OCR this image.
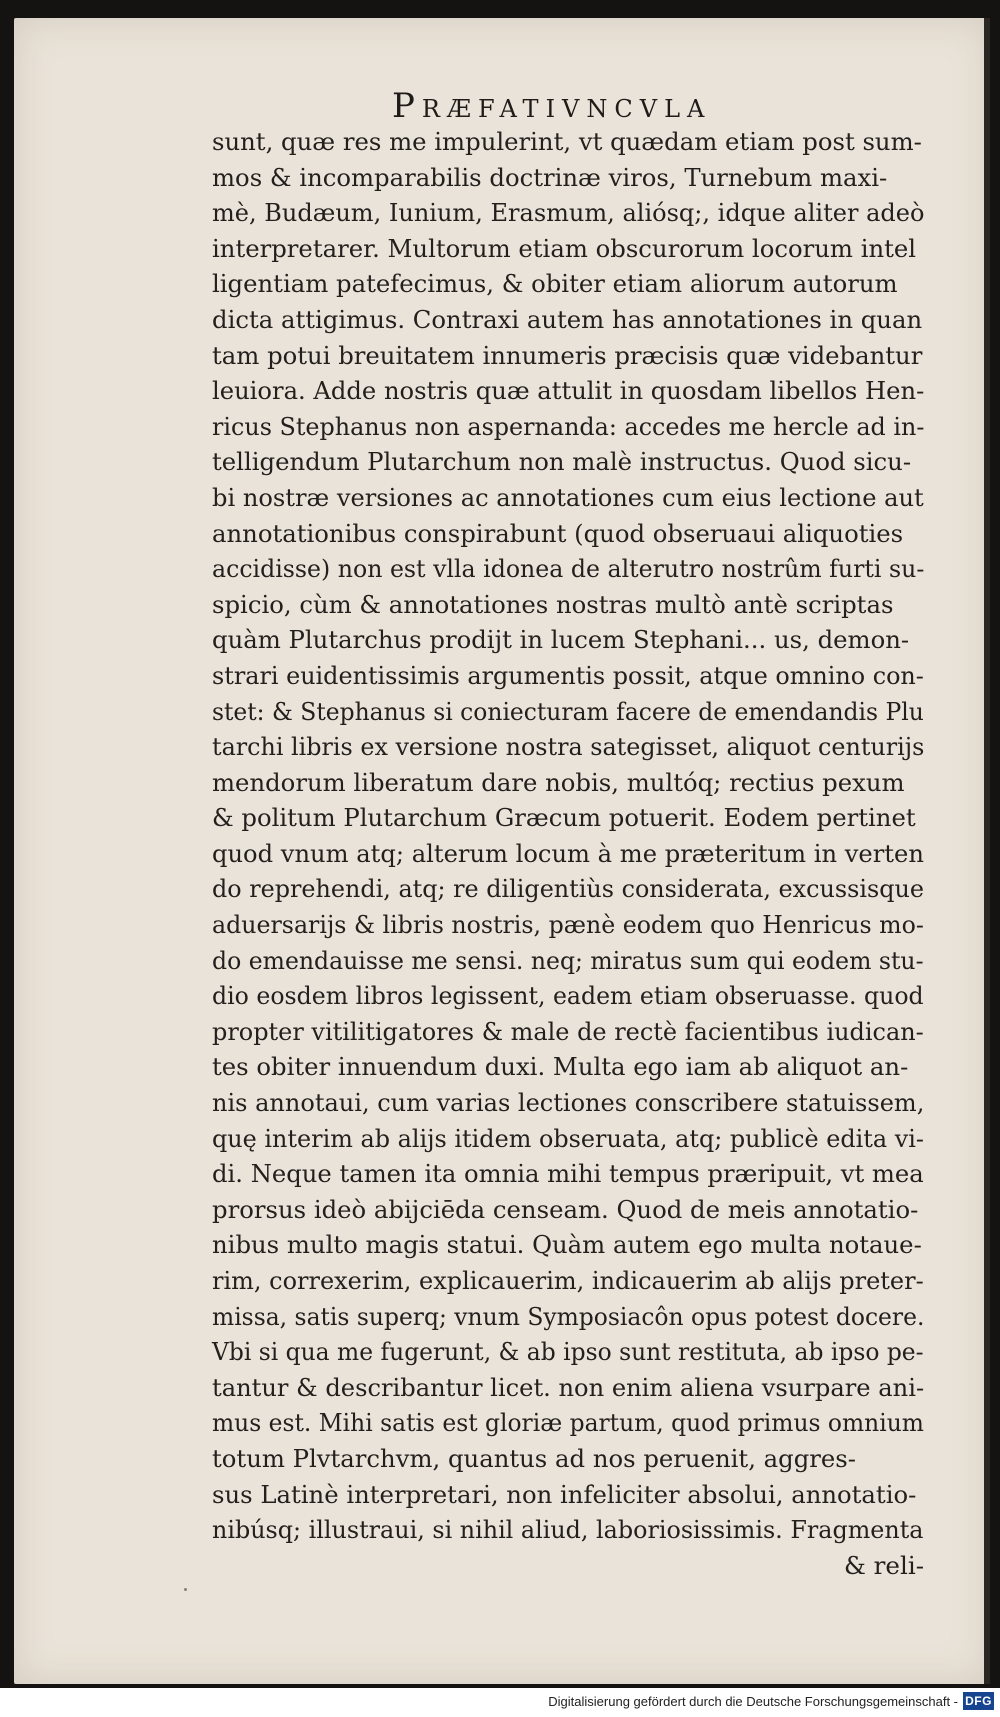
Præfativncvla
sunt, quæ res me impulerint, vt quædam etiam post sum-
mos & incomparabilis doctrinæ viros, Turnebum maxi-
mè, Budæum, Iunium, Erasmum, aliósq;, idque aliter adeò
interpretarer. Multorum etiam obscurorum locorum intel
ligentiam patefecimus, & obiter etiam aliorum autorum
dicta attigimus. Contraxi autem has annotationes in quan
tam potui breuitatem innumeris præcisis quæ videbantur
leuiora. Adde nostris quæ attulit in quosdam libellos Hen-
ricus Stephanus non aspernanda: accedes me hercle ad in-
telligendum Plutarchum non malè instructus. Quod sicu-
bi nostræ versiones ac annotationes cum eius lectione aut
annotationibus conspirabunt (quod obseruaui aliquoties
accidisse) non est vlla idonea de alterutro nostrûm furti su-
spicio, cùm & annotationes nostras multò antè scriptas
quàm Plutarchus prodijt in lucem Stephani... us, demon-
strari euidentissimis argumentis possit, atque omnino con-
stet: & Stephanus si coniecturam facere de emendandis Plu
tarchi libris ex versione nostra sategisset, aliquot centurijs
mendorum liberatum dare nobis, multóq; rectius pexum
& politum Plutarchum Græcum potuerit. Eodem pertinet
quod vnum atq; alterum locum à me præteritum in verten
do reprehendi, atq; re diligentiùs considerata, excussisque
aduersarijs & libris nostris, pænè eodem quo Henricus mo-
do emendauisse me sensi. neq; miratus sum qui eodem stu-
dio eosdem libros legissent, eadem etiam obseruasse. quod
propter vitilitigatores & male de rectè facientibus iudican-
tes obiter innuendum duxi. Multa ego iam ab aliquot an-
nis annotaui, cum varias lectiones conscribere statuissem,
quę interim ab alijs itidem obseruata, atq; publicè edita vi-
di. Neque tamen ita omnia mihi tempus præripuit, vt mea
prorsus ideò abijciēda censeam. Quod de meis annotatio-
nibus multo magis statui. Quàm autem ego multa notauе-
rim, correxerim, explicauerim, indicauerim ab alijs preter-
missa, satis superq; vnum Symposiacôn opus potest docere.
Vbi si qua me fugerunt, & ab ipso sunt restituta, ab ipso pe-
tantur & describantur licet. non enim aliena vsurpare ani-
mus est. Mihi satis est gloriæ partum, quod primus omnium
totum Plvtarchvm, quantus ad nos peruenit, aggres-
sus Latinè interpretari, non infeliciter absolui, annotatio-
nibúsq; illustraui, si nihil aliud, laboriosissimis. Fragmenta
& reli-
Digitalisierung gefördert durch die Deutsche Forschungsgemeinschaft - DFG
